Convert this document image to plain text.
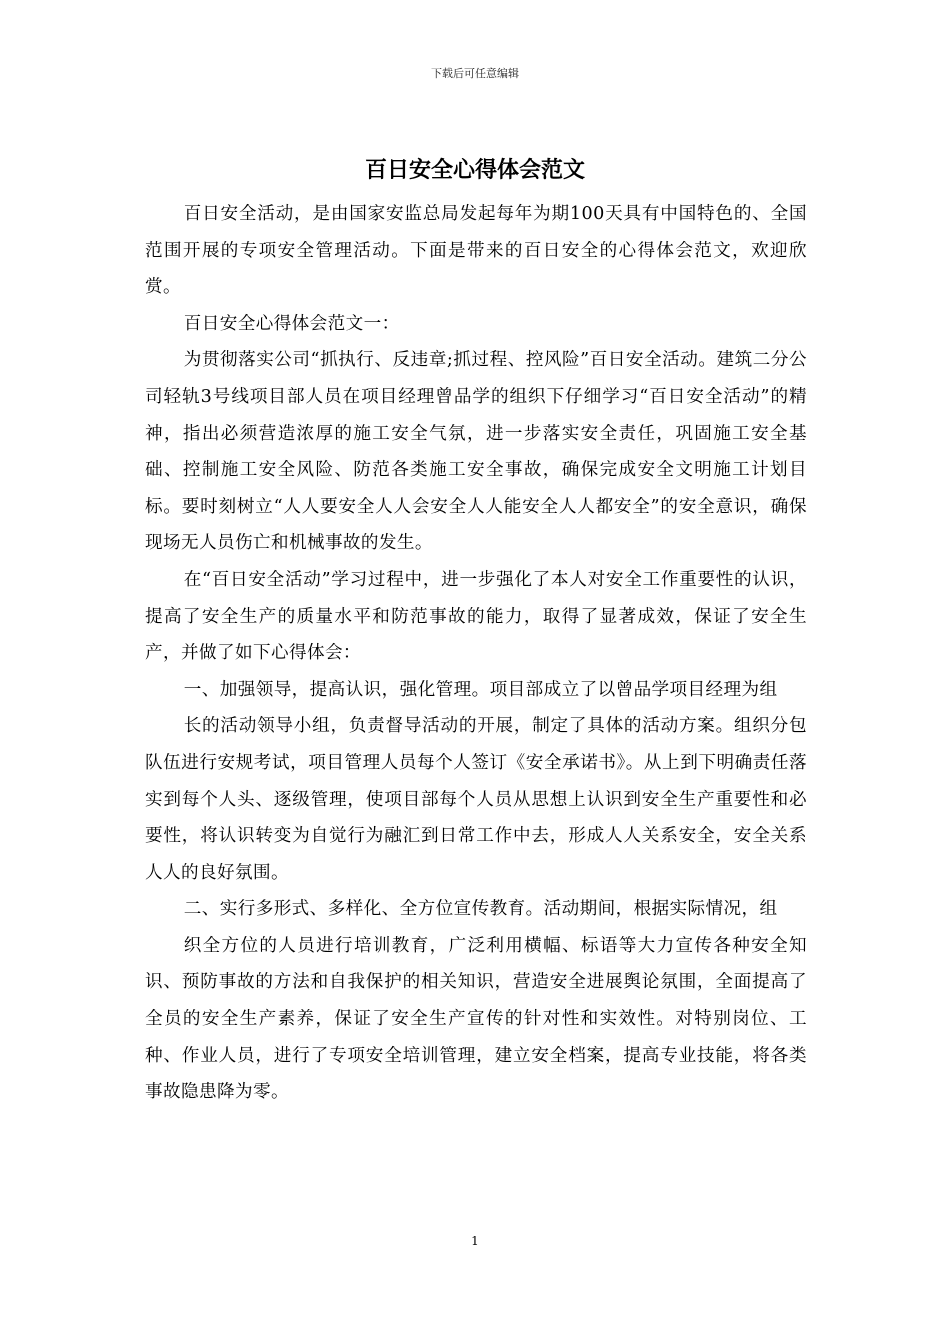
下载后可任意编辑
百日安全心得体会范文

百日安全活动，是由国家安监总局发起每年为期100天具有中国特色的、全国范围开展的专项安全管理活动。下面是带来的百日安全的心得体会范文，欢迎欣赏。

百日安全心得体会范文一：

为贯彻落实公司“抓执行、反违章;抓过程、控风险”百日安全活动。建筑二分公司轻轨3号线项目部人员在项目经理曾品学的组织下仔细学习“百日安全活动”的精神，指出必须营造浓厚的施工安全气氛，进一步落实安全责任，巩固施工安全基础、控制施工安全风险、防范各类施工安全事故，确保完成安全文明施工计划目标。要时刻树立“人人要安全人人会安全人人能安全人人都安全”的安全意识，确保现场无人员伤亡和机械事故的发生。

在“百日安全活动”学习过程中，进一步强化了本人对安全工作重要性的认识，提高了安全生产的质量水平和防范事故的能力，取得了显著成效，保证了安全生产，并做了如下心得体会：

一、加强领导，提高认识，强化管理。项目部成立了以曾品学项目经理为组

长的活动领导小组，负责督导活动的开展，制定了具体的活动方案。组织分包队伍进行安规考试，项目管理人员每个人签订《安全承诺书》。从上到下明确责任落实到每个人头、逐级管理，使项目部每个人员从思想上认识到安全生产重要性和必要性，将认识转变为自觉行为融汇到日常工作中去，形成人人关系安全，安全关系人人的良好氛围。

二、实行多形式、多样化、全方位宣传教育。活动期间，根据实际情况，组

织全方位的人员进行培训教育，广泛利用横幅、标语等大力宣传各种安全知识、预防事故的方法和自我保护的相关知识，营造安全进展舆论氛围，全面提高了全员的安全生产素养，保证了安全生产宣传的针对性和实效性。对特别岗位、工种、作业人员，进行了专项安全培训管理，建立安全档案，提高专业技能，将各类事故隐患降为零。

1
